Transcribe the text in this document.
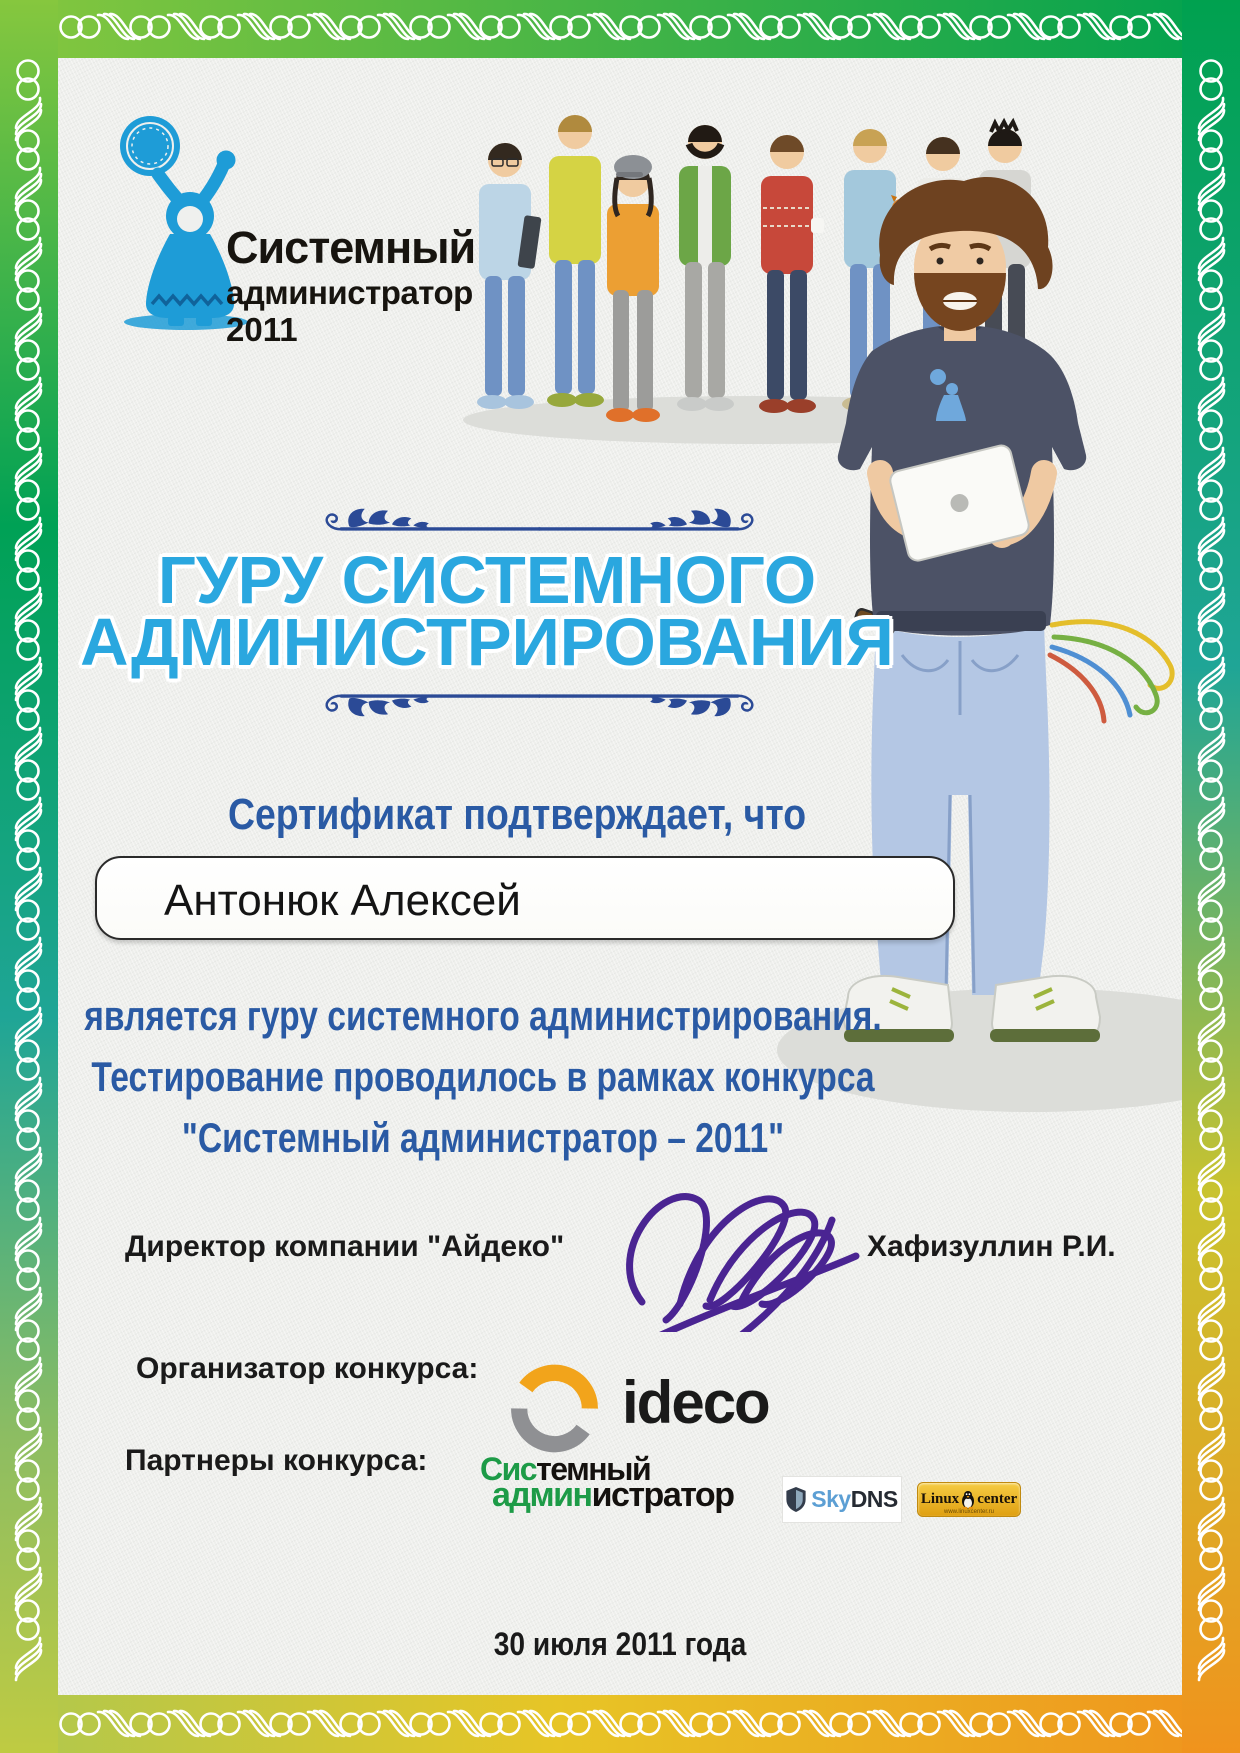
Системный
администратор
2011
ГУРУ СИСТЕМНОГО
АДМИНИСТРИРОВАНИЯ
Сертификат подтверждает, что
Антонюк Алексей
является гуру системного администрирования.
Тестирование проводилось в рамках конкурса
"Системный администратор – 2011"
Директор компании "Айдеко"	Хафизуллин Р.И.
Организатор конкурса:
ideco
Партнеры конкурса: Системный
администратор	SkyDNS Linux center
www.linuxcenter.ru
30 июля 2011 года
